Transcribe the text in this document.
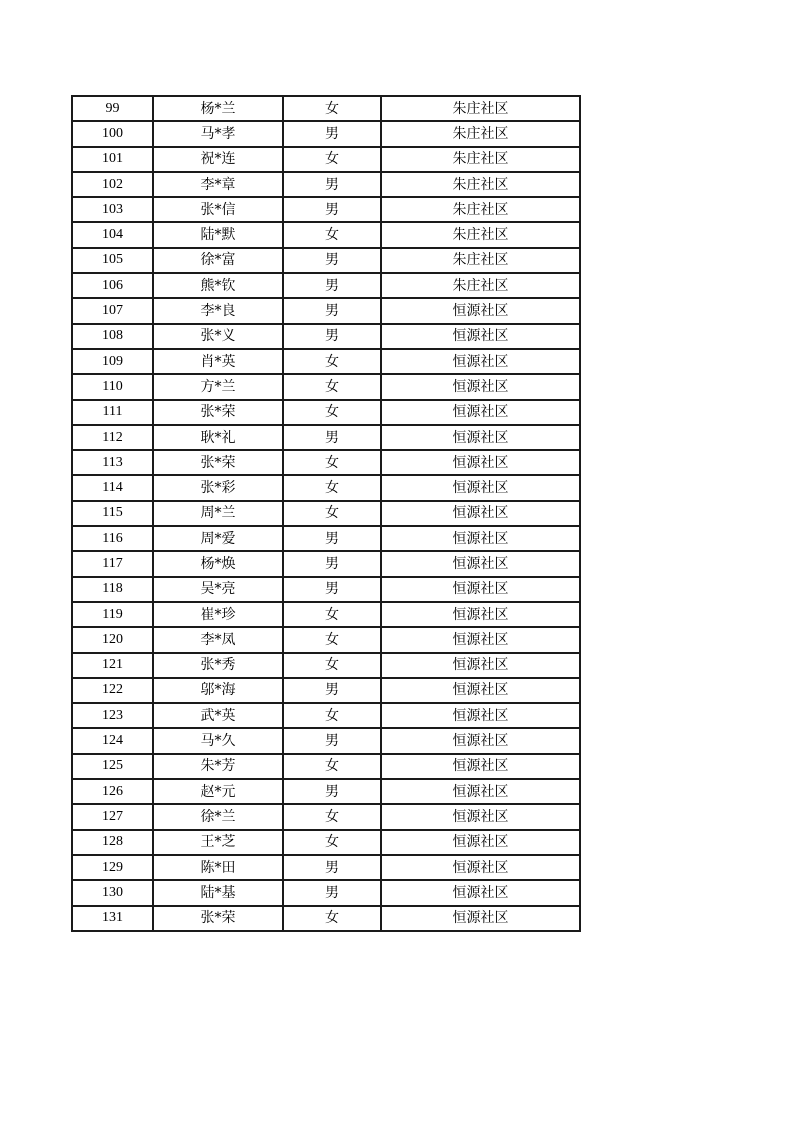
99	杨*兰	女	朱庄社区
100	马*孝	男	朱庄社区
101	祝*连	女	朱庄社区
102	李*章	男	朱庄社区
103	张*信	男	朱庄社区
104	陆*默	女	朱庄社区
105	徐*富	男	朱庄社区
106	熊*钦	男	朱庄社区
107	李*良	男	恒源社区
108	张*义	男	恒源社区
109	肖*英	女	恒源社区
110	方*兰	女	恒源社区
111	张*荣	女	恒源社区
112	耿*礼	男	恒源社区
113	张*荣	女	恒源社区
114	张*彩	女	恒源社区
115	周*兰	女	恒源社区
116	周*爱	男	恒源社区
117	杨*焕	男	恒源社区
118	吴*亮	男	恒源社区
119	崔*珍	女	恒源社区
120	李*凤	女	恒源社区
121	张*秀	女	恒源社区
122	邬*海	男	恒源社区
123	武*英	女	恒源社区
124	马*久	男	恒源社区
125	朱*芳	女	恒源社区
126	赵*元	男	恒源社区
127	徐*兰	女	恒源社区
128	王*芝	女	恒源社区
129	陈*田	男	恒源社区
130	陆*基	男	恒源社区
131	张*荣	女	恒源社区
